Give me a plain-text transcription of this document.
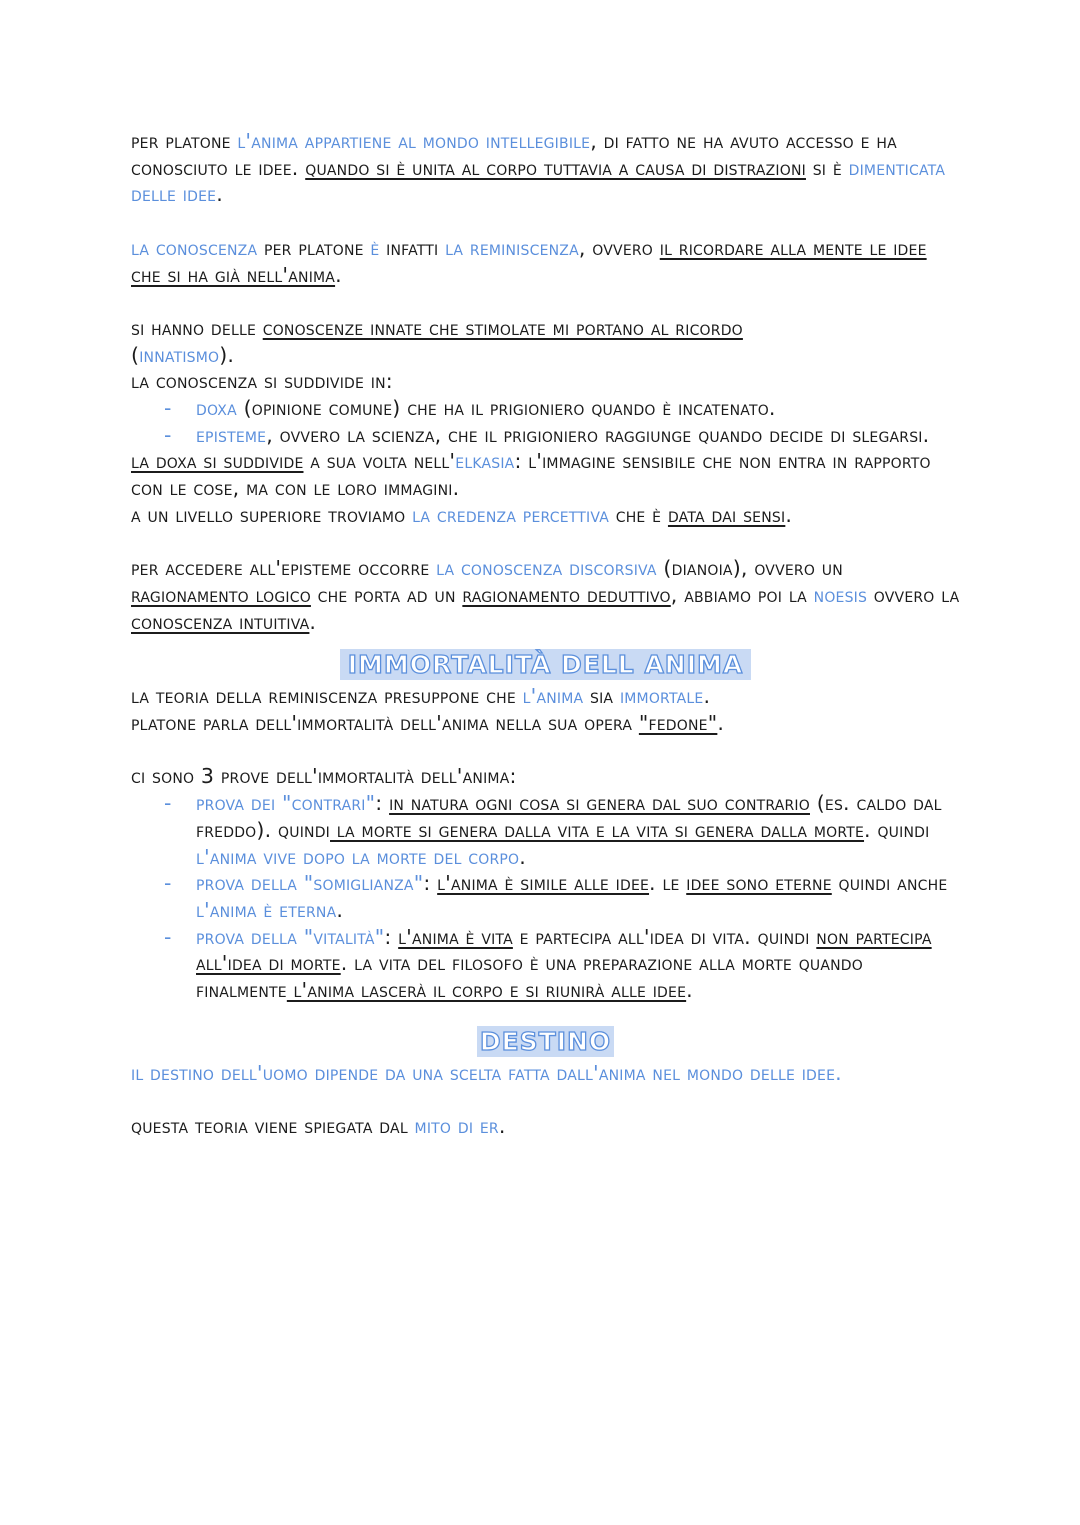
per platone l'anima appartiene al mondo intellegibile, di fatto ne ha avuto accesso e ha conosciuto le idee. quando si è unita al corpo tuttavia a causa di distrazioni si è dimenticata delle idee.

la conoscenza per platone è infatti la reminiscenza, ovvero il ricordare alla mente le idee che si ha già nell'anima.

si hanno delle conoscenze innate che stimolate mi portano al ricordo
(innatismo).
la conoscenza si suddivide in:

- doxa (opinione comune) che ha il prigioniero quando è incatenato.
- episteme, ovvero la scienza, che il prigioniero raggiunge quando decide di slegarsi.

la doxa si suddivide a sua volta nell'elkasia: l'immagine sensibile che non entra in rapporto con le cose, ma con le loro immagini.
a un livello superiore troviamo la credenza percettiva che è data dai sensi.

per accedere all'episteme occorre la conoscenza discorsiva (dianoia), ovvero un ragionamento logico che porta ad un ragionamento deduttivo, abbiamo poi la noesis ovvero la conoscenza intuitiva.

IMMORTALITÀ DELL ANIMA

la teoria della reminiscenza presuppone che l'anima sia immortale.
platone parla dell'immortalità dell'anima nella sua opera "fedone".

ci sono 3 prove dell'immortalità dell'anima:

- prova dei "contrari": in natura ogni cosa si genera dal suo contrario (es. caldo dal freddo). quindi la morte si genera dalla vita e la vita si genera dalla morte. quindi l'anima vive dopo la morte del corpo.
- prova della "somiglianza": l'anima è simile alle idee. le idee sono eterne quindi anche l'anima è eterna.
- prova della "vitalità": l'anima è vita e partecipa all'idea di vita. quindi non partecipa all'idea di morte. la vita del filosofo è una preparazione alla morte quando finalmente l'anima lascerà il corpo e si riunirà alle idee.
DESTINO

il destino dell'uomo dipende da una scelta fatta dall'anima nel mondo delle idee.

questa teoria viene spiegata dal mito di er.
